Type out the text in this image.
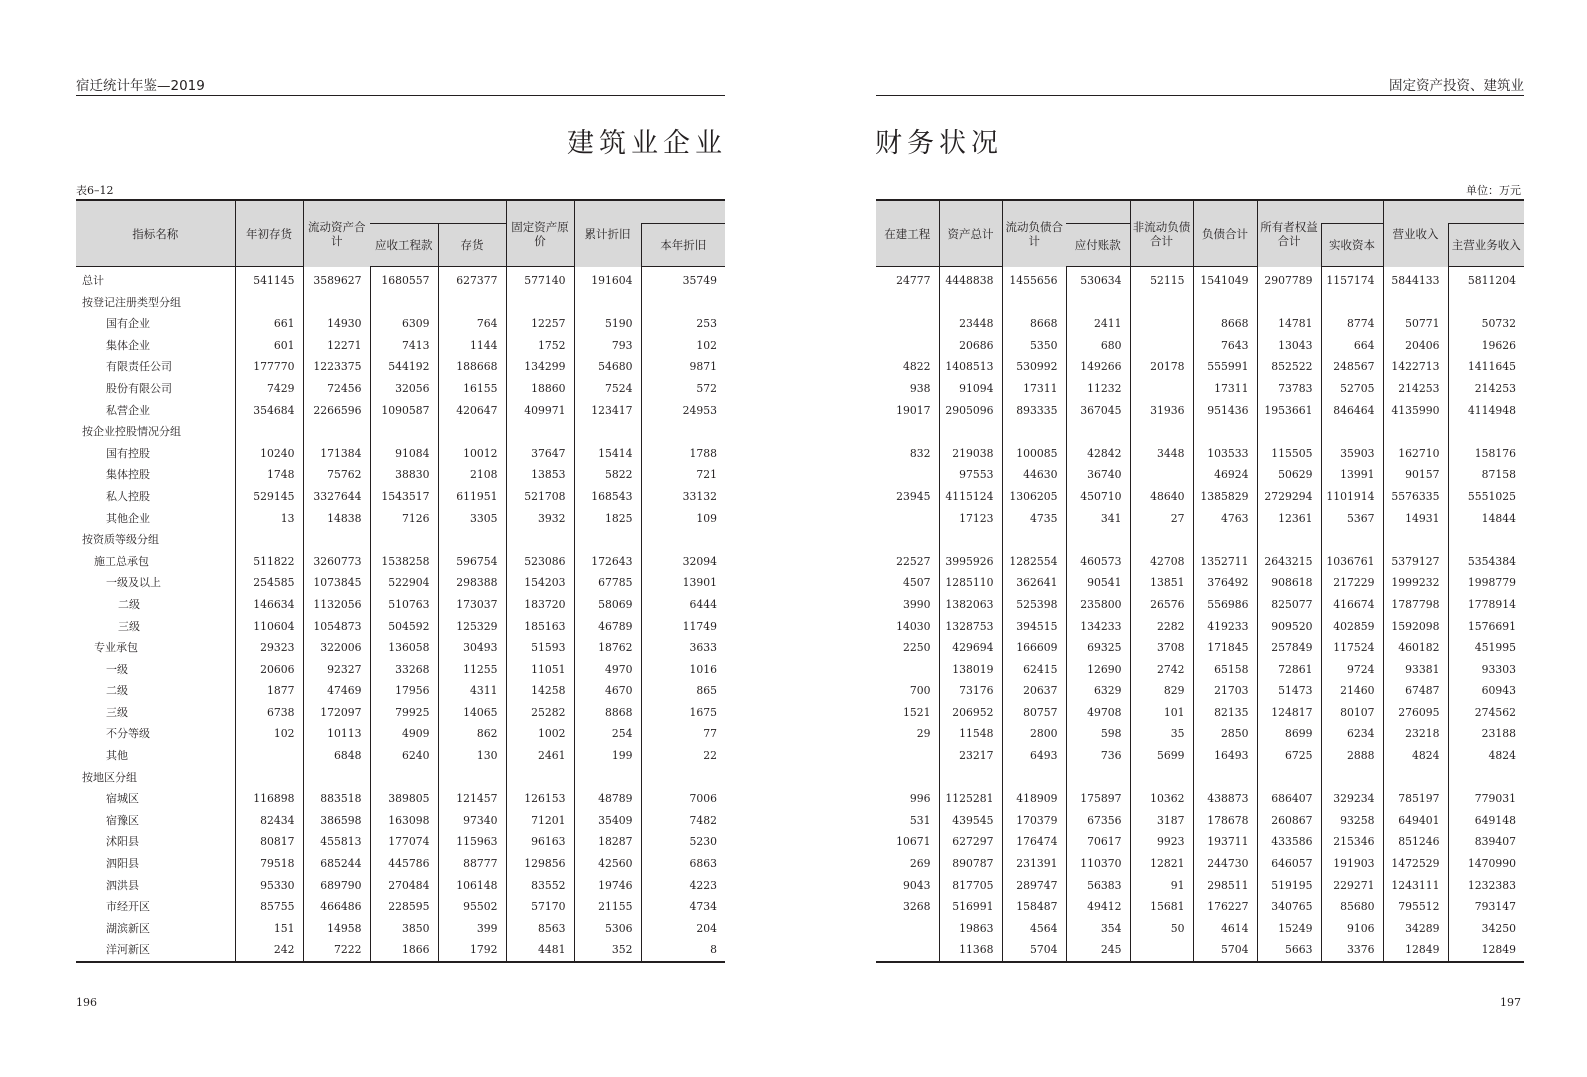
宿迁统计年鉴—2019
建筑业企业
表6–12
指标名称	年初存货	流动资产合计			固定资产原价	累计折旧	
			应收工程款	存货			本年折旧
总计	541145	3589627	1680557	627377	577140	191604	35749
按登记注册类型分组							
国有企业	661	14930	6309	764	12257	5190	253
集体企业	601	12271	7413	1144	1752	793	102
有限责任公司	177770	1223375	544192	188668	134299	54680	9871
股份有限公司	7429	72456	32056	16155	18860	7524	572
私营企业	354684	2266596	1090587	420647	409971	123417	24953
按企业控股情况分组							
国有控股	10240	171384	91084	10012	37647	15414	1788
集体控股	1748	75762	38830	2108	13853	5822	721
私人控股	529145	3327644	1543517	611951	521708	168543	33132
其他企业	13	14838	7126	3305	3932	1825	109
按资质等级分组							
施工总承包	511822	3260773	1538258	596754	523086	172643	32094
一级及以上	254585	1073845	522904	298388	154203	67785	13901
二级	146634	1132056	510763	173037	183720	58069	6444
三级	110604	1054873	504592	125329	185163	46789	11749
专业承包	29323	322006	136058	30493	51593	18762	3633
一级	20606	92327	33268	11255	11051	4970	1016
二级	1877	47469	17956	4311	14258	4670	865
三级	6738	172097	79925	14065	25282	8868	1675
不分等级	102	10113	4909	862	1002	254	77
其他		6848	6240	130	2461	199	22
按地区分组							
宿城区	116898	883518	389805	121457	126153	48789	7006
宿豫区	82434	386598	163098	97340	71201	35409	7482
沭阳县	80817	455813	177074	115963	96163	18287	5230
泗阳县	79518	685244	445786	88777	129856	42560	6863
泗洪县	95330	689790	270484	106148	83552	19746	4223
市经开区	85755	466486	228595	95502	57170	21155	4734
湖滨新区	151	14958	3850	399	8563	5306	204
洋河新区	242	7222	1866	1792	4481	352	8
196
固定资产投资、建筑业
财务状况
单位：万元
在建工程	资产总计	流动负债合计		非流动负债合计	负债合计	所有者权益合计		营业收入	
			应付账款				实收资本		主营业务收入
24777	4448838	1455656	530634	52115	1541049	2907789	1157174	5844133	5811204

	23448	8668	2411		8668	14781	8774	50771	50732
	20686	5350	680		7643	13043	664	20406	19626
4822	1408513	530992	149266	20178	555991	852522	248567	1422713	1411645
938	91094	17311	11232		17311	73783	52705	214253	214253
19017	2905096	893335	367045	31936	951436	1953661	846464	4135990	4114948

832	219038	100085	42842	3448	103533	115505	35903	162710	158176
	97553	44630	36740		46924	50629	13991	90157	87158
23945	4115124	1306205	450710	48640	1385829	2729294	1101914	5576335	5551025
	17123	4735	341	27	4763	12361	5367	14931	14844

22527	3995926	1282554	460573	42708	1352711	2643215	1036761	5379127	5354384
4507	1285110	362641	90541	13851	376492	908618	217229	1999232	1998779
3990	1382063	525398	235800	26576	556986	825077	416674	1787798	1778914
14030	1328753	394515	134233	2282	419233	909520	402859	1592098	1576691
2250	429694	166609	69325	3708	171845	257849	117524	460182	451995
	138019	62415	12690	2742	65158	72861	9724	93381	93303
700	73176	20637	6329	829	21703	51473	21460	67487	60943
1521	206952	80757	49708	101	82135	124817	80107	276095	274562
29	11548	2800	598	35	2850	8699	6234	23218	23188
	23217	6493	736	5699	16493	6725	2888	4824	4824

996	1125281	418909	175897	10362	438873	686407	329234	785197	779031
531	439545	170379	67356	3187	178678	260867	93258	649401	649148
10671	627297	176474	70617	9923	193711	433586	215346	851246	839407
269	890787	231391	110370	12821	244730	646057	191903	1472529	1470990
9043	817705	289747	56383	91	298511	519195	229271	1243111	1232383
3268	516991	158487	49412	15681	176227	340765	85680	795512	793147
	19863	4564	354	50	4614	15249	9106	34289	34250
	11368	5704	245		5704	5663	3376	12849	12849
197
